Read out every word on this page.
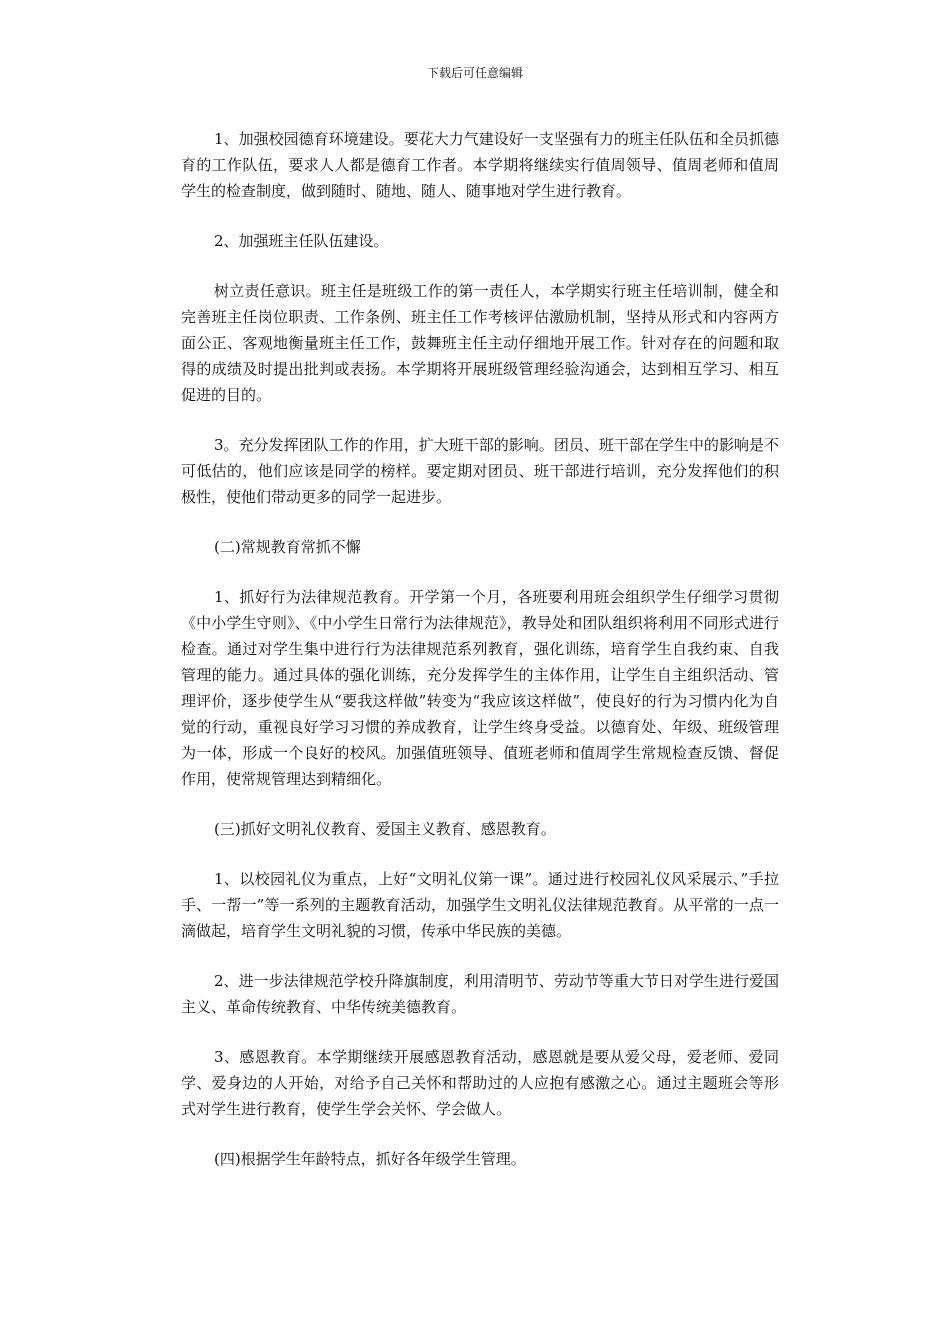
下载后可任意编辑

1、加强校园德育环境建设。要花大力气建设好一支坚强有力的班主任队伍和全员抓德育的工作队伍，要求人人都是德育工作者。本学期将继续实行值周领导、值周老师和值周学生的检查制度，做到随时、随地、随人、随事地对学生进行教育。

2、加强班主任队伍建设。

树立责任意识。班主任是班级工作的第一责任人，本学期实行班主任培训制，健全和完善班主任岗位职责、工作条例、班主任工作考核评估激励机制，坚持从形式和内容两方面公正、客观地衡量班主任工作，鼓舞班主任主动仔细地开展工作。针对存在的问题和取得的成绩及时提出批判或表扬。本学期将开展班级管理经验沟通会，达到相互学习、相互促进的目的。

3。充分发挥团队工作的作用，扩大班干部的影响。团员、班干部在学生中的影响是不可低估的，他们应该是同学的榜样。要定期对团员、班干部进行培训，充分发挥他们的积极性，使他们带动更多的同学一起进步。

(二)常规教育常抓不懈

1、抓好行为法律规范教育。开学第一个月，各班要利用班会组织学生仔细学习贯彻《中小学生守则》、《中小学生日常行为法律规范》，教导处和团队组织将利用不同形式进行检查。通过对学生集中进行行为法律规范系列教育，强化训练，培育学生自我约束、自我管理的能力。通过具体的强化训练，充分发挥学生的主体作用，让学生自主组织活动、管理评价，逐步使学生从“要我这样做”转变为“我应该这样做”，使良好的行为习惯内化为自觉的行动，重视良好学习习惯的养成教育，让学生终身受益。以德育处、年级、班级管理为一体，形成一个良好的校风。加强值班领导、值班老师和值周学生常规检查反馈、督促作用，使常规管理达到精细化。

(三)抓好文明礼仪教育、爱国主义教育、感恩教育。

1、以校园礼仪为重点，上好“文明礼仪第一课”。通过进行校园礼仪风采展示、”手拉手、一帮一”等一系列的主题教育活动，加强学生文明礼仪法律规范教育。从平常的一点一滴做起，培育学生文明礼貌的习惯，传承中华民族的美德。

2、进一步法律规范学校升降旗制度，利用清明节、劳动节等重大节日对学生进行爱国主义、革命传统教育、中华传统美德教育。

3、感恩教育。本学期继续开展感恩教育活动，感恩就是要从爱父母，爱老师、爱同学、爱身边的人开始，对给予自己关怀和帮助过的人应抱有感激之心。通过主题班会等形式对学生进行教育，使学生学会关怀、学会做人。

(四)根据学生年龄特点，抓好各年级学生管理。
